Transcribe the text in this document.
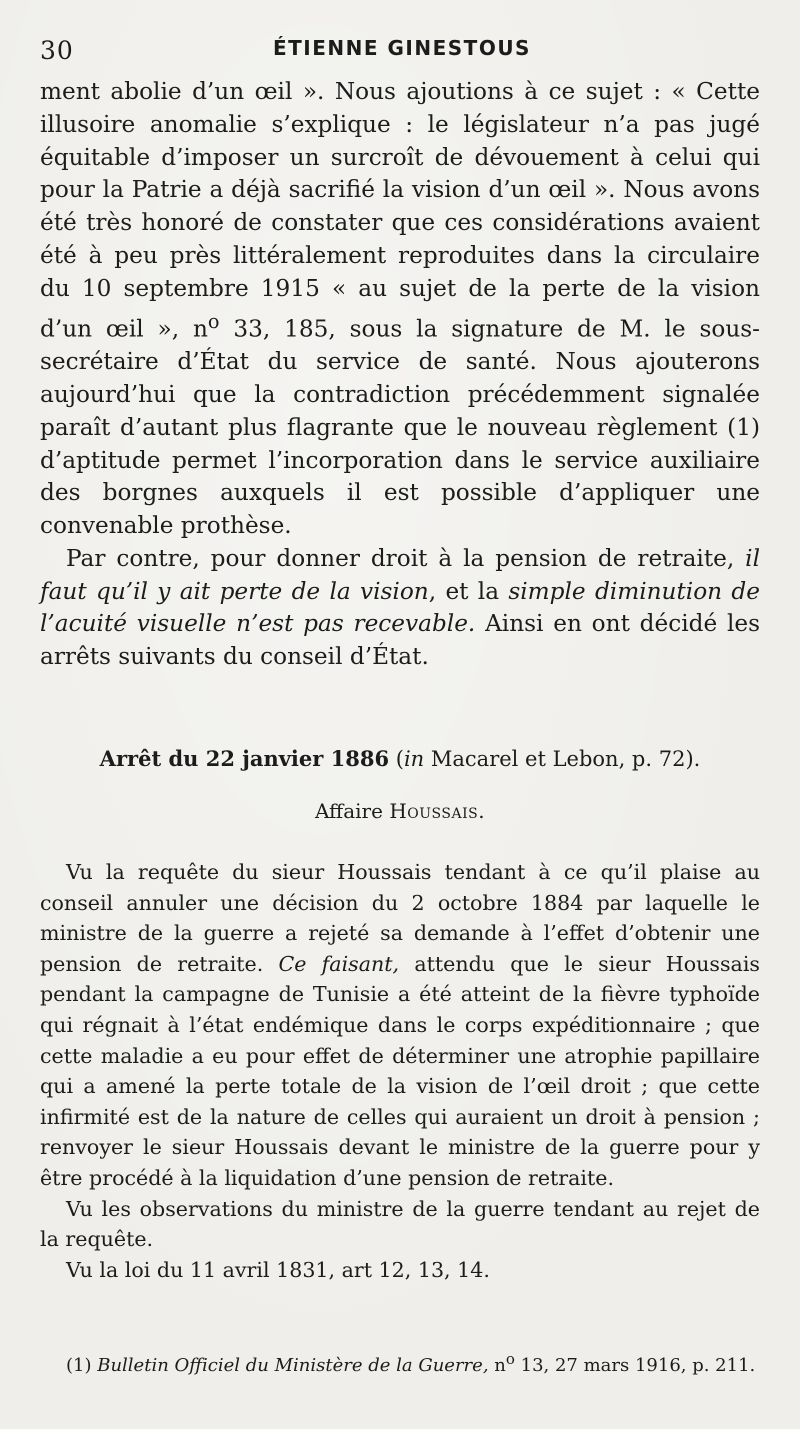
30	ÉTIENNE GINESTOUS

ment abolie d’un œil ». Nous ajoutions à ce sujet : « Cette illusoire anomalie s’explique : le législateur n’a pas jugé équitable d’imposer un surcroît de dévouement à celui qui pour la Patrie a déjà sacrifié la vision d’un œil ». Nous avons été très honoré de constater que ces considérations avaient été à peu près littéralement reproduites dans la circulaire du 10 septembre 1915 « au sujet de la perte de la vision d’un œil », $n^o$ 33, 185, sous la signature de M. le sous-secrétaire d’État du service de santé. Nous ajouterons aujourd’hui que la contradiction précédemment signalée paraît d’autant plus flagrante que le nouveau règlement (1) d’aptitude permet l’incorporation dans le service auxiliaire des borgnes auxquels il est possible d’appliquer une convenable prothèse.

Par contre, pour donner droit à la pension de retraite, il faut qu’il y ait perte de la vision, et la simple diminution de l’acuité visuelle n’est pas recevable. Ainsi en ont décidé les arrêts suivants du conseil d’État.

Arrêt du 22 janvier 1886 (in Macarel et Lebon, p. 72).
Affaire Houssais.

Vu la requête du sieur Houssais tendant à ce qu’il plaise au conseil annuler une décision du 2 octobre 1884 par laquelle le ministre de la guerre a rejeté sa demande à l’effet d’obtenir une pension de retraite. Ce faisant, attendu que le sieur Houssais pendant la campagne de Tunisie a été atteint de la fièvre typhoïde qui régnait à l’état endémique dans le corps expéditionnaire ; que cette maladie a eu pour effet de déterminer une atrophie papillaire qui a amené la perte totale de la vision de l’œil droit ; que cette infirmité est de la nature de celles qui auraient un droit à pension ; renvoyer le sieur Houssais devant le ministre de la guerre pour y être procédé à la liquidation d’une pension de retraite.

Vu les observations du ministre de la guerre tendant au rejet de la requête.

Vu la loi du 11 avril 1831, art 12, 13, 14.

(1) Bulletin Officiel du Ministère de la Guerre, $n^o$ 13, 27 mars 1916, p. 211.
